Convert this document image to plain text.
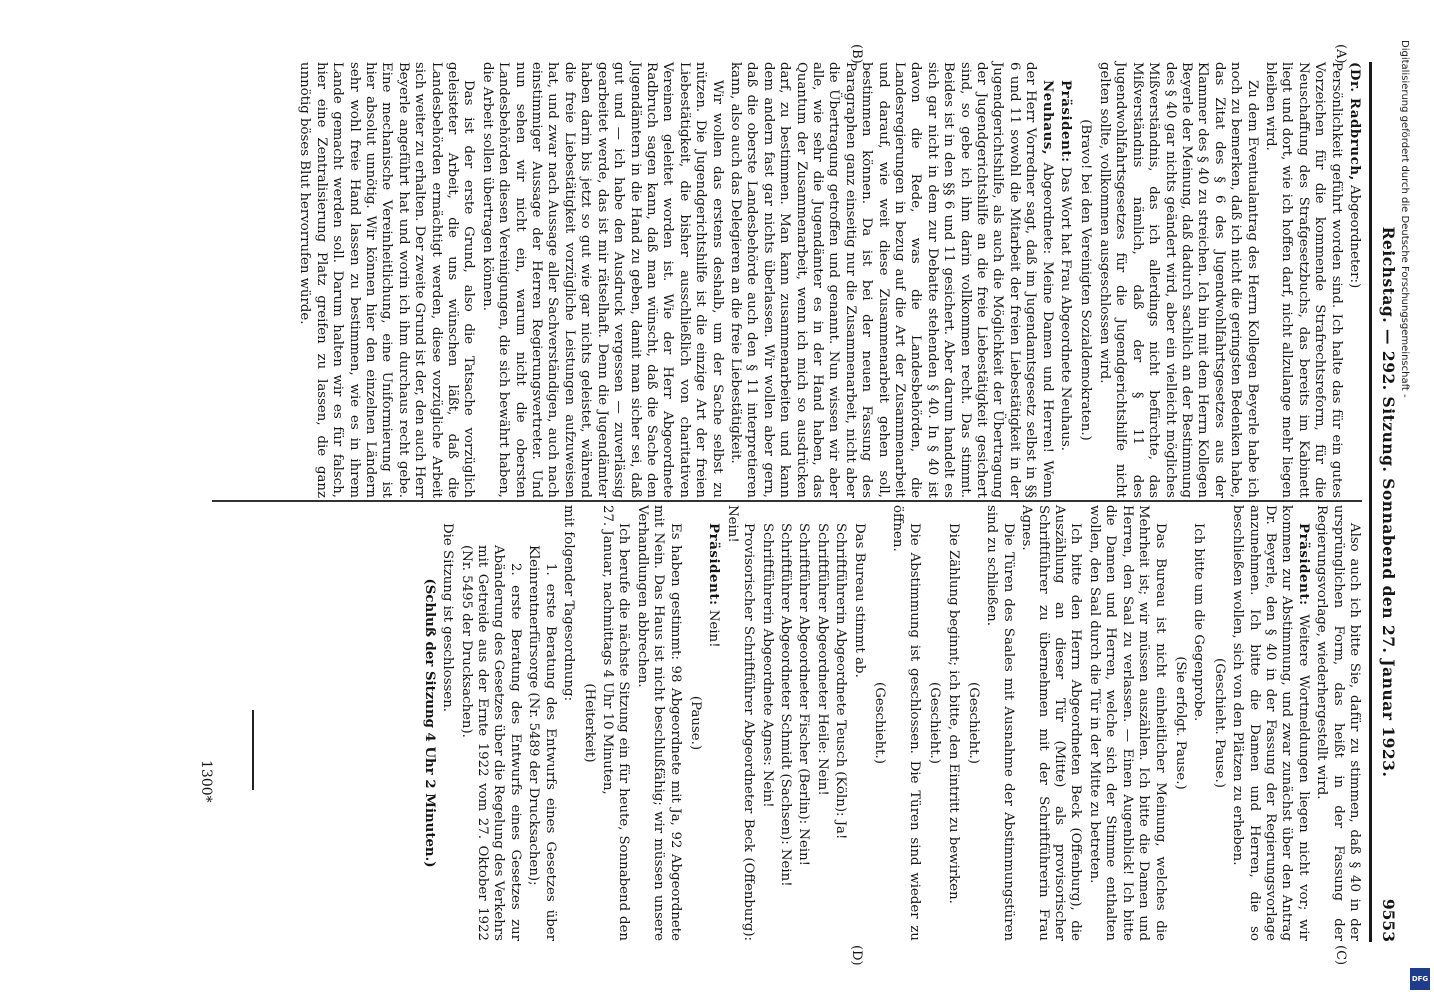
Reichstag. — 292. Sitzung. Sonnabend den 27. Januar 1923.
9553
(A)
(B)
(C)
(D)

(Dr. Radbruch, Abgeordneter:)

Persönlichkeit geführt worden sind. Ich halte das für ein gutes Vorzeichen für die kommende Strafrechtsreform, für die Neuschaffung des Strafgesetzbuchs, das bereits im Kabinett liegt und dort, wie ich hoffen darf, nicht allzulange mehr liegen bleiben wird.

Zu dem Eventualantrag des Herrn Kollegen Beyerle habe ich noch zu bemerken, daß ich nicht die geringsten Bedenken habe, das Zitat des § 6 des Jugendwohlfahrtsgesetzes aus der Klammer des § 40 zu streichen. Ich bin mit dem Herrn Kollegen Beyerle der Meinung, daß dadurch sachlich an der Bestimmung des § 40 gar nichts geändert wird, aber ein vielleicht mögliches Mißverständnis, das ich allerdings nicht befürchte, das Mißverständnis nämlich, daß der § 11 des Jugendwohlfahrtsgesetzes für die Jugendgerichtshilfe nicht gelten sollte, vollkommen ausgeschlossen wird.

(Bravo! bei den Vereinigten Sozialdemokraten.)

Präsident: Das Wort hat Frau Abgeordnete Neuhaus.

Neuhaus, Abgeordnete: Meine Damen und Herren! Wenn der Herr Vorredner sagt, daß im Jugendamtsgesetz selbst in §§ 6 und 11 sowohl die Mitarbeit der freien Liebestätigkeit in der Jugendgerichtshilfe, als auch die Möglichkeit der Übertragung der Jugendgerichtshilfe an die freie Liebestätigkeit gesichert sind, so gebe ich ihm darin vollkommen recht. Das stimmt. Beides ist in den §§ 6 und 11 gesichert. Aber darum handelt es sich gar nicht in dem zur Debatte stehenden § 40. In § 40 ist davon die Rede, was die Landesbehörden, die Landesregierungen in bezug auf die Art der Zusammenarbeit und darauf, wie weit diese Zusammenarbeit gehen soll, bestimmen können. Da ist bei der neuen Fassung des Paragraphen ganz einseitig nur die Zusammenarbeit, nicht aber die Übertragung getroffen und genannt. Nun wissen wir aber alle, wie sehr die Jugendämter es in der Hand haben, das Quantum der Zusammenarbeit, wenn ich mich so ausdrücken darf, zu bestimmen. Man kann zusammenarbeiten und kann dem andern fast gar nichts überlassen. Wir wollen aber gern, daß die oberste Landesbehörde auch den § 11 interpretieren kann, also auch das Delegieren an die freie Liebestätigkeit.

Wir wollen das erstens deshalb, um der Sache selbst zu nützen. Die Jugendgerichtshilfe ist die einzige Art der freien Liebestätigkeit, die bisher ausschließlich von charitativen Vereinen geleitet worden ist. Wie der Herr Abgeordnete Radbruch sagen kann, daß man wünscht, daß die Sache den Jugendämtern in die Hand zu geben, damit man sicher sei, daß gut und — ich habe den Ausdruck vergessen — zuverlässig gearbeitet werde, das ist mir rätselhaft. Denn die Jugendämter haben darin bis jetzt so gut wie gar nichts geleistet, während die freie Liebestätigkeit vorzügliche Leistungen aufzuweisen hat, und zwar nach Aussage aller Sachverständigen, auch nach einstimmiger Aussage der Herren Regierungsvertreter. Und nun sehen wir nicht ein, warum nicht die obersten Landesbehörden diesen Vereinigungen, die sich bewährt haben, die Arbeit sollen übertragen können.

Das ist der erste Grund, also die Tatsache vorzüglich geleisteter Arbeit, die uns wünschen läßt, daß die Landesbehörden ermächtigt werden, diese vorzügliche Arbeit sich weiter zu erhalten. Der zweite Grund ist der, den auch Herr Beyerle angeführt hat und worin ich ihm durchaus recht gebe. Eine mechanische Vereinheitlichung, eine Uniformierung ist hier absolut unnötig. Wir können hier den einzelnen Ländern sehr wohl freie Hand lassen zu bestimmen, wie es in ihrem Lande gemacht werden soll. Darum halten wir es für falsch, hier eine Zentralisierung Platz greifen zu lassen, die ganz unnötig böses Blut hervorrufen würde.

Also auch ich bitte Sie, dafür zu stimmen, daß § 40 in der ursprünglichen Form, das heißt in der Fassung der Regierungsvorlage, wiederhergestellt wird.

Präsident: Weitere Wortmeldungen liegen nicht vor; wir kommen zur Abstimmung, und zwar zunächst über den Antrag Dr. Beyerle, den § 40 in der Fassung der Regierungsvorlage anzunehmen. Ich bitte die Damen und Herren, die so beschließen wollen, sich von den Plätzen zu erheben.

(Geschieht. Pause.)

Ich bitte um die Gegenprobe.

(Sie erfolgt. Pause.)

Das Bureau ist nicht einheitlicher Meinung, welches die Mehrheit ist; wir müssen auszählen. Ich bitte die Damen und Herren, den Saal zu verlassen. — Einen Augenblick! Ich bitte die Damen und Herren, welche sich der Stimme enthalten wollen, den Saal durch die Tür in der Mitte zu betreten.

Ich bitte den Herrn Abgeordneten Beck (Offenburg), die Auszählung an dieser Tür (Mitte) als provisorischer Schriftführer zu übernehmen mit der Schriftführerin Frau Agnes.

Die Türen des Saales mit Ausnahme der Abstimmungstüren sind zu schließen.

(Geschieht.)

Die Zählung beginnt; ich bitte, den Eintritt zu bewirken.

(Geschieht.)

Die Abstimmung ist geschlossen. Die Türen sind wieder zu öffnen.

(Geschieht.)

Das Bureau stimmt ab.

Schriftführerin Abgeordnete Teusch (Köln): Ja!

Schriftführer Abgeordneter Heile: Nein!

Schriftführer Abgeordneter Fischer (Berlin): Nein!

Schriftführer Abgeordneter Schmidt (Sachsen): Nein!

Schriftführerin Abgeordnete Agnes: Nein!

Provisorischer Schriftführer Abgeordneter Beck (Offenburg): Nein!

Präsident: Nein!

(Pause.)

Es haben gestimmt: 98 Abgeordnete mit Ja, 92 Abgeordnete mit Nein. Das Haus ist nicht beschlußfähig; wir müssen unsere Verhandlungen abbrechen.

Ich berufe die nächste Sitzung ein für heute, Sonnabend den 27. Januar, nachmittags 4 Uhr 10 Minuten,

(Heiterkeit)

mit folgender Tagesordnung:

1. erste Beratung des Entwurfs eines Gesetzes über Kleinrentnerfürsorge (Nr. 5489 der Drucksachen);

2. erste Beratung des Entwurfs eines Gesetzes zur Abänderung des Gesetzes über die Regelung des Verkehrs mit Getreide aus der Ernte 1922 vom 27. Oktober 1922 (Nr. 5495 der Drucksachen).

Die Sitzung ist geschlossen.

(Schluß der Sitzung 4 Uhr 2 Minuten.)

1300*
Digitalisierung gefördert durch die Deutsche Forschungsgemeinschaft -
DFG
